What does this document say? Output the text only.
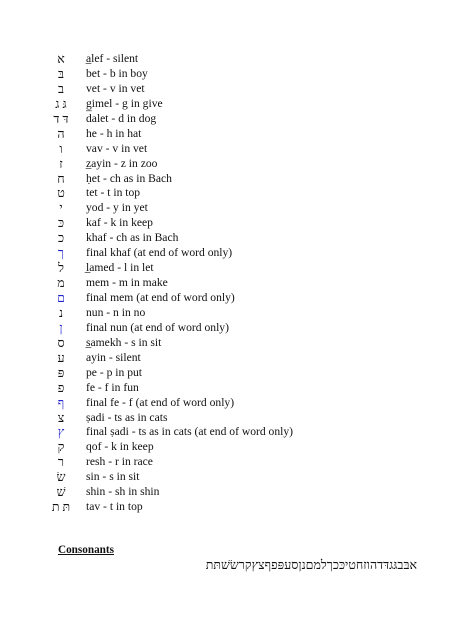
א	a̲lef - silent
בּ	bet - b in boy
ב	vet - v in vet
גּ ג	g̲imel - g in give
דּ ד	dalet - d in dog
ה	he - h in hat
ו	vav - v in vet
ז	z̲ayin - z in zoo
ח	ḥet - ch as in Bach
ט	tet - t in top
י	yod - y in yet
כּ	kaf - k in keep
כ	khaf - ch as in Bach
ך	final khaf (at end of word only)
ל	l̲amed - l in let
מ	mem - m in make
ם	final mem (at end of word only)
נ	nun - n in no
ן	final nun (at end of word only)
ס	s̲amekh - s in sit
ע	ayin - silent
פּ	pe - p in put
פ	fe - f in fun
ף	final fe - f (at end of word only)
צ	ṣadi - ts as in cats
ץ	final ṣadi - ts as in cats (at end of word only)
ק	qof - k in keep
ר	resh - r in race
שׂ	sin - s in sit
שׁ	shin - sh in shin
תּ ת	tav - t in top
Consonants
אבּבגּגדּדהוזחטיכּכךלמםנןסעפּפףצץקרשׂשׁתּת
